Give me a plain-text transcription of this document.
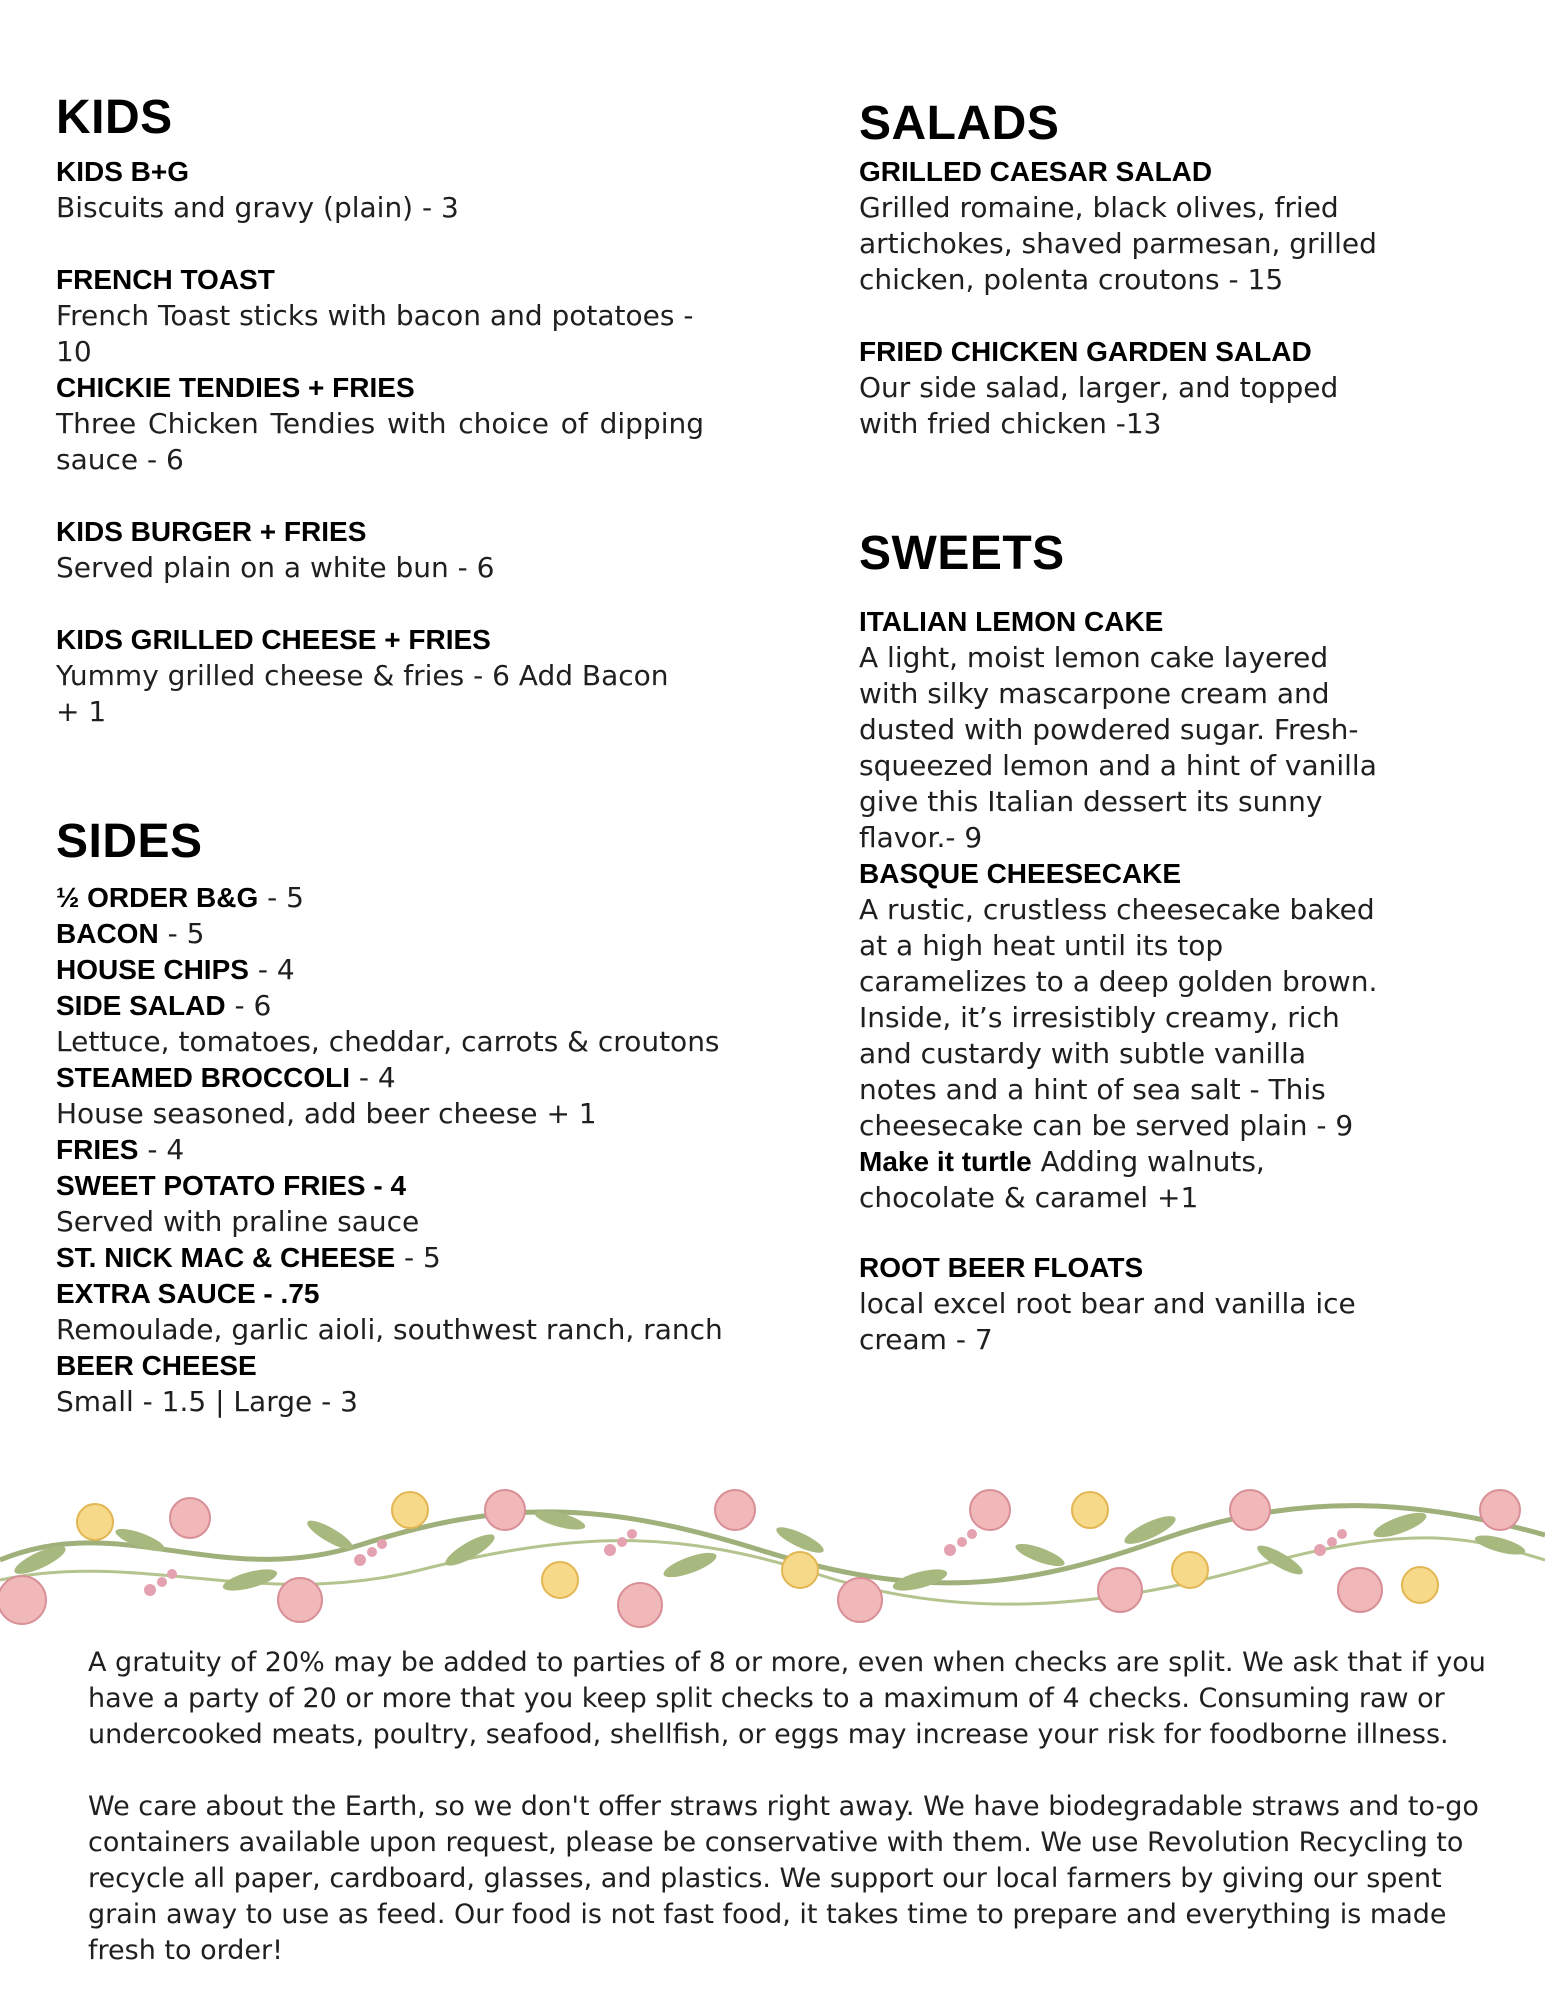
KIDS
KIDS B+G
Biscuits and gravy (plain) - 3
FRENCH TOAST
French Toast sticks with bacon and potatoes - 10
CHICKIE TENDIES + FRIES
Three Chicken Tendies with choice of dipping sauce - 6
KIDS BURGER + FRIES
Served plain on a white bun - 6
KIDS GRILLED CHEESE + FRIES
Yummy grilled cheese & fries - 6 Add Bacon + 1
SIDES
½ ORDER B&G - 5
BACON - 5
HOUSE CHIPS - 4
SIDE SALAD - 6
Lettuce, tomatoes, cheddar, carrots & croutons
STEAMED BROCCOLI - 4
House seasoned, add beer cheese + 1
FRIES - 4
SWEET POTATO FRIES - 4
Served with praline sauce
ST. NICK MAC & CHEESE - 5
EXTRA SAUCE - .75
Remoulade, garlic aioli, southwest ranch, ranch
BEER CHEESE
Small - 1.5 | Large - 3
SALADS
GRILLED CAESAR SALAD
Grilled romaine, black olives, fried artichokes, shaved parmesan, grilled chicken, polenta croutons - 15
FRIED CHICKEN GARDEN SALAD
Our side salad, larger, and topped with fried chicken -13
SWEETS
ITALIAN LEMON CAKE
A light, moist lemon cake layered with silky mascarpone cream and dusted with powdered sugar. Fresh-squeezed lemon and a hint of vanilla give this Italian dessert its sunny flavor.- 9
BASQUE CHEESECAKE
A rustic, crustless cheesecake baked at a high heat until its top caramelizes to a deep golden brown. Inside, it’s irresistibly creamy, rich and custardy with subtle vanilla notes and a hint of sea salt - This cheesecake can be served plain - 9
Make it turtle Adding walnuts, chocolate & caramel +1
ROOT BEER FLOATS
local excel root bear and vanilla ice cream - 7

A gratuity of 20% may be added to parties of 8 or more, even when checks are split. We ask that if you have a party of 20 or more that you keep split checks to a maximum of 4 checks. Consuming raw or undercooked meats, poultry, seafood, shellfish, or eggs may increase your risk for foodborne illness.

We care about the Earth, so we don't offer straws right away. We have biodegradable straws and to-go containers available upon request, please be conservative with them. We use Revolution Recycling to recycle all paper, cardboard, glasses, and plastics. We support our local farmers by giving our spent grain away to use as feed. Our food is not fast food, it takes time to prepare and everything is made fresh to order!
